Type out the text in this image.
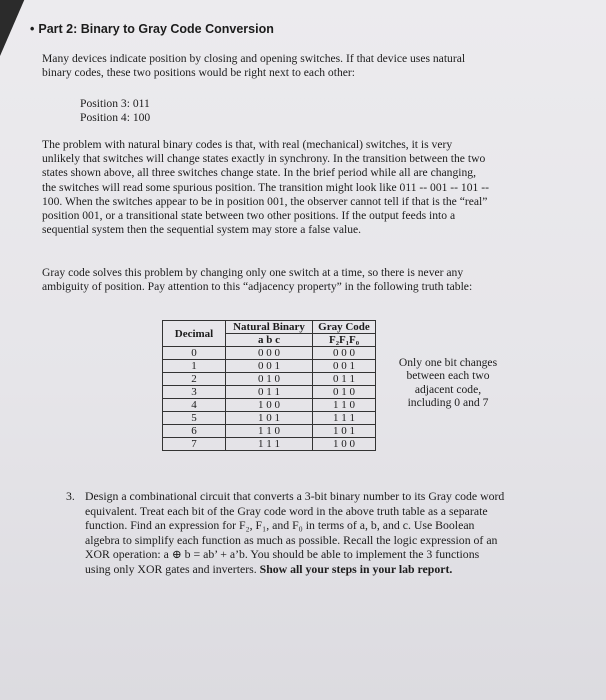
• Part 2: Binary to Gray Code Conversion
Many devices indicate position by closing and opening switches. If that device uses natural binary codes, these two positions would be right next to each other:
Position 3: 011
Position 4: 100
The problem with natural binary codes is that, with real (mechanical) switches, it is very unlikely that switches will change states exactly in synchrony. In the transition between the two states shown above, all three switches change state. In the brief period while all are changing, the switches will read some spurious position. The transition might look like 011 -- 001 -- 101 -- 100. When the switches appear to be in position 001, the observer cannot tell if that is the “real” position 001, or a transitional state between two other positions. If the output feeds into a sequential system then the sequential system may store a false value.
Gray code solves this problem by changing only one switch at a time, so there is never any ambiguity of position. Pay attention to this “adjacency property” in the following truth table:
Decimal	Natural Binary	Gray Code
	a b c	F₂F₁F₀
0	0 0 0	0 0 0
1	0 0 1	0 0 1
2	0 1 0	0 1 1
3	0 1 1	0 1 0
4	1 0 0	1 1 0
5	1 0 1	1 1 1
6	1 1 0	1 0 1
7	1 1 1	1 0 0
Only one bit changes between each two adjacent code, including 0 and 7
3. Design a combinational circuit that converts a 3-bit binary number to its Gray code word equivalent. Treat each bit of the Gray code word in the above truth table as a separate function. Find an expression for F₂, F₁, and F₀ in terms of a, b, and c. Use Boolean algebra to simplify each function as much as possible. Recall the logic expression of an XOR operation: a ⊕ b = ab’ + a’b. You should be able to implement the 3 functions using only XOR gates and inverters. Show all your steps in your lab report.
